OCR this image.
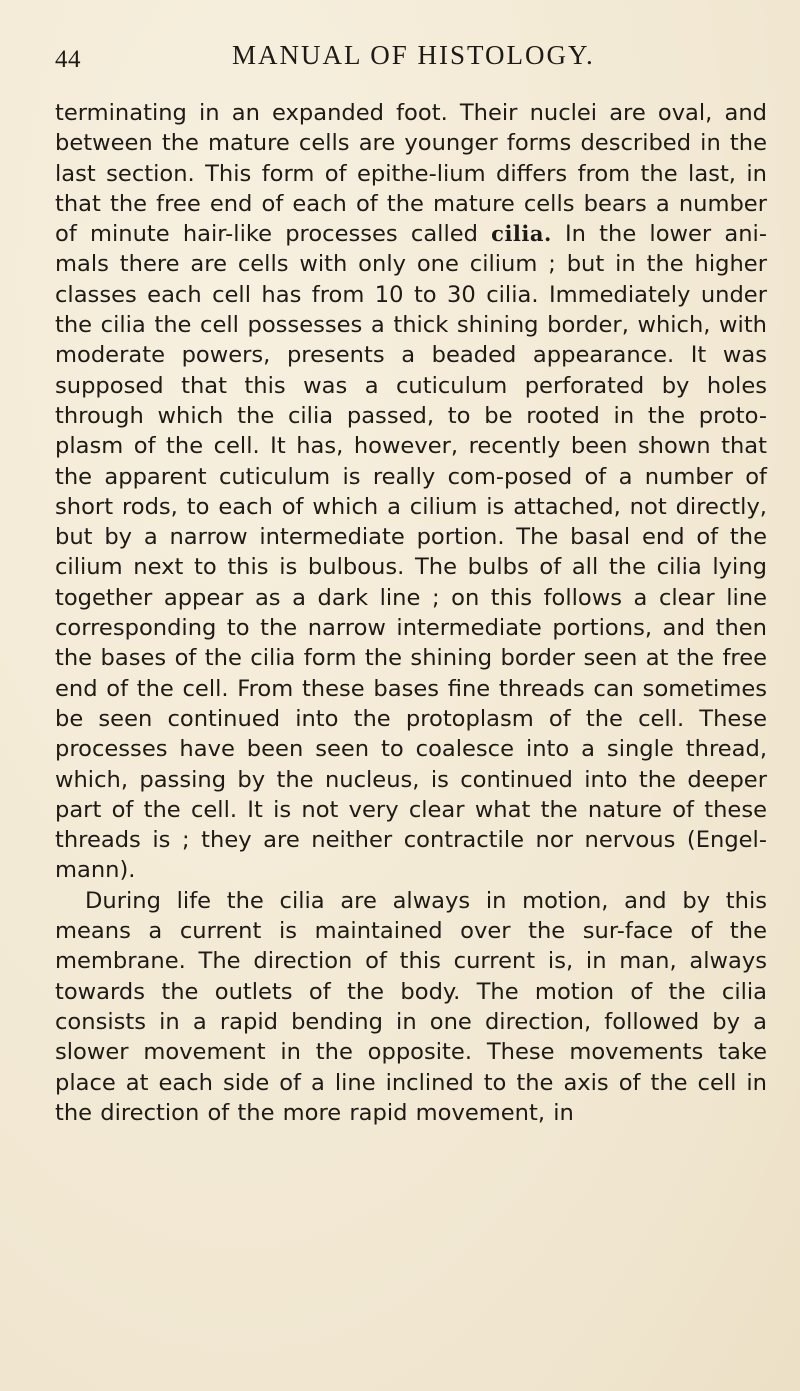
44	MANUAL OF HISTOLOGY.

terminating in an expanded foot. Their nuclei are oval, and between the mature cells are younger forms described in the last section. This form of epithe-lium differs from the last, in that the free end of each of the mature cells bears a number of minute hair-like processes called cilia. In the lower ani-mals there are cells with only one cilium ; but in the higher classes each cell has from 10 to 30 cilia. Immediately under the cilia the cell possesses a thick shining border, which, with moderate powers, presents a beaded appearance. It was supposed that this was a cuticulum perforated by holes through which the cilia passed, to be rooted in the proto-plasm of the cell. It has, however, recently been shown that the apparent cuticulum is really com-posed of a number of short rods, to each of which a cilium is attached, not directly, but by a narrow intermediate portion. The basal end of the cilium next to this is bulbous. The bulbs of all the cilia lying together appear as a dark line ; on this follows a clear line corresponding to the narrow intermediate portions, and then the bases of the cilia form the shining border seen at the free end of the cell. From these bases fine threads can sometimes be seen continued into the protoplasm of the cell. These processes have been seen to coalesce into a single thread, which, passing by the nucleus, is continued into the deeper part of the cell. It is not very clear what the nature of these threads is ; they are neither contractile nor nervous (Engel-mann).

During life the cilia are always in motion, and by this means a current is maintained over the sur-face of the membrane. The direction of this current is, in man, always towards the outlets of the body. The motion of the cilia consists in a rapid bending in one direction, followed by a slower movement in the opposite. These movements take place at each side of a line inclined to the axis of the cell in the direction of the more rapid movement, in
